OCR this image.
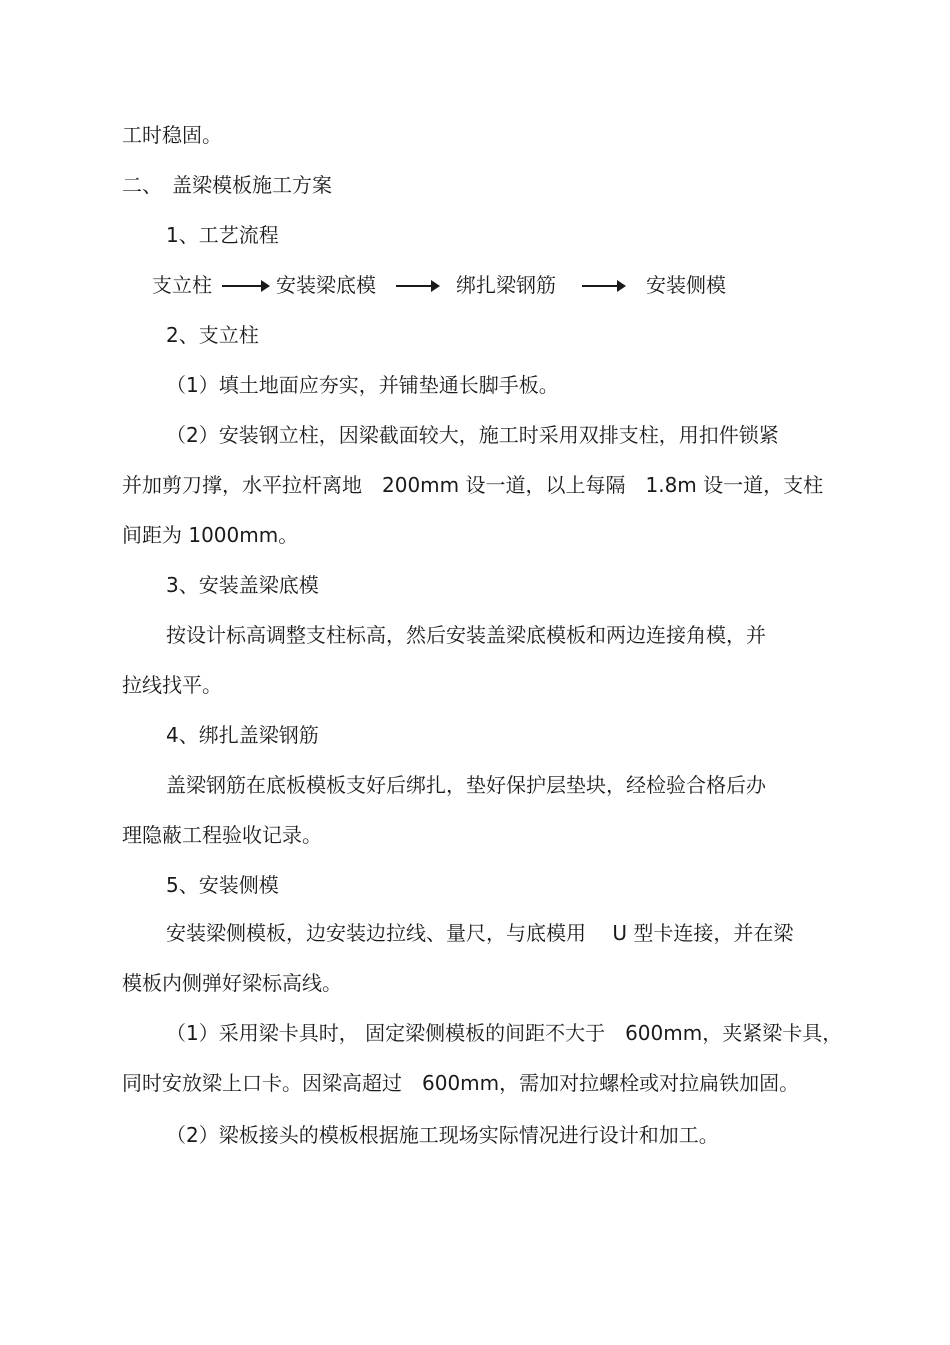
工时稳固。
二、　盖梁模板施工方案
1、工艺流程
支立柱	安装梁底模	绑扎梁钢筋	安装侧模
2、支立柱
（1）填土地面应夯实，并铺垫通长脚手板。
（2）安装钢立柱，因梁截面较大，施工时采用双排支柱，用扣件锁紧
并加剪刀撑，水平拉杆离地　200mm 设一道，以上每隔　1.8m 设一道，支柱
间距为 1000mm。
3、安装盖梁底模
按设计标高调整支柱标高，然后安装盖梁底模板和两边连接角模，并
拉线找平。
4、绑扎盖梁钢筋
盖梁钢筋在底板模板支好后绑扎，垫好保护层垫块，经检验合格后办
理隐蔽工程验收记录。
5、安装侧模
安装梁侧模板，边安装边拉线、量尺，与底模用　 U 型卡连接，并在梁
模板内侧弹好梁标高线。
（1）采用梁卡具时， 固定梁侧模板的间距不大于　600mm，夹紧梁卡具，
同时安放梁上口卡。因梁高超过　600mm，需加对拉螺栓或对拉扁铁加固。
（2）梁板接头的模板根据施工现场实际情况进行设计和加工。
